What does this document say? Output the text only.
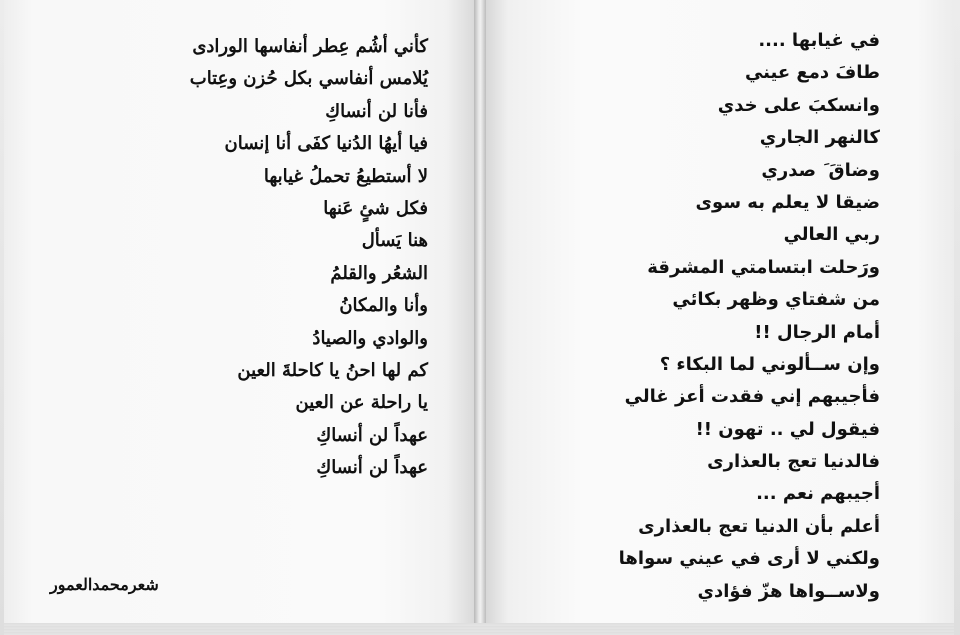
كأني أشُم عِطر أنفاسها الورادى
يُلامس أنفاسي بكل حُزن وعِتاب
فأنا لن أنساكِ
فيا أيهُا الدُنيا كفَى أنا إنسان
لا أستطيعُ تحملُ غيابها
فكل شئٍ عَنها
هنا يَسأل
الشعُر والقلمُ
وأنا والمكانُ
والوادي والصيادُ
كم لها احنُ يا كاحلةَ العين
يا راحلة عن العين
عهداً لن أنساكِ
عهداً لن أنساكِ
شعرمحمدالعمور
في غيابها ....
طافَ دمع عيني
وانسكبَ على خدي
كالنهر الجاري
وضاقَ َ صدري
ضيقا لا يعلم به سوى
ربي العالي
ورَحلت ابتسامتي المشرقة
من شفتاي وظهر بكائي
أمام الرجال !!
وإن ســألوني لما البكاء ؟
فأجيبهم إني فقدت أعز غالي
فيقول لي .. تهون !!
فالدنيا تعج بالعذارى
أجيبهم نعم ...
أعلم بأن الدنيا تعج بالعذارى
ولكني لا أرى في عيني سواها
ولاســواها هزّ فؤادي
